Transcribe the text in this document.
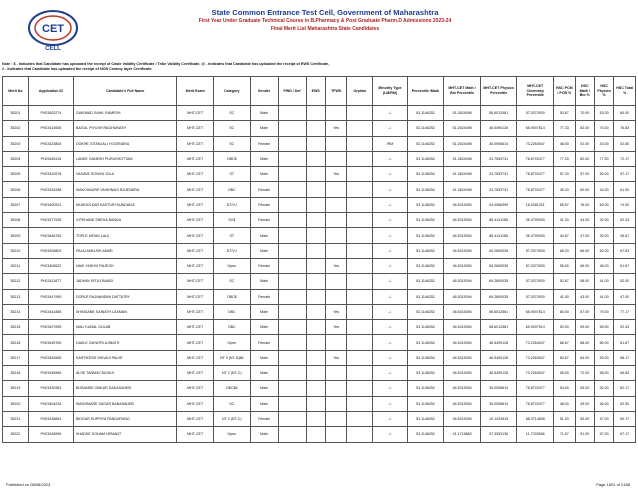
CET
CELL
State Common Entrance Test Cell, Government of Maharashtra
First Year Under Graduate Technical Course in B.Pharmacy & Post Graduate Pharm.D Admissions 2023-24
Final Merit List Maharashtra State Candidates
Note : $ - Indicates that Candidate has uploaded the receipt of Caste Validity Certificate / Tribe Validity Certificate, @ - Indicates that Candidate has uploaded the receipt of EWS Certificate,
# - Indicates that Candidate has uploaded the receipt of NON Creamy layer Certificate.
Merit No	Application ID	Candidate's Full Name	Merit Exam	Category	Gender	PWD / Def	EWS	TFWS	Orphan	Minority Type (LM/RM)	Percentile /Mark	MHT-CET Math / Bio Percentile	MHT-CET Physics Percentile	MHT-CET Chemistry Percentile	HSC PCM / PCB %	HSC Math / Bio %	HSC Physics %	HSC Total %
35201	PH23402274	GAIKWAD SAHIL RAMESH	MHT-CET	SC	Male					-/-	53.1146252	51.2624498	58.6012081	57.0373930	53.67	70.00	53.00	60.00
35202	PH23414655	BAGUL PIYUSH RAGHUNATH	MHT-CET	SC	Male			Yes		-/-	53.1146252	51.2624498	46.5490128	65.9007514	77.33	82.00	74.00	76.83
35203	PH23423804	DOKHE GITANJALI YOGENDRA	MHT-CET	SC	Female					/RM	53.1146252	51.2624498	35.0908614	73.2264547	48.00	51.00	43.00	52.50
35204	PH23445115	LANKE GANESH PURUSHOTTAM	MHT-CET	OBC$	Male					-/-	53.1146252	51.2624498	24.7553731	78.8703477	77.33	82.00	77.00	72.17
35205	PH23420576	VASAVE SONIYA JOLA	MHT-CET	ST	Male			Yes		-/-	53.1146252	51.2624498	24.7553731	78.8703477	57.33	57.00	50.00	57.17
35206	PH23434288	WAKCHAURE VAISHNAVI RAJENDRA	MHT-CET	OBC	Female					-/-	53.1146252	51.2624498	24.7553731	78.8703477	45.33	50.00	44.00	61.00
35207	PH23400921	MUDHOLKAR KASTURI KUNDANJI	MHT-CET	DT/VJ	Female					-/-	53.1146252	46.5315394	94.0066399	18.0281321	65.67	76.00	69.00	74.00
35208	PH23477928	GITKHANE SNEHA BANDU	MHT-CET	SC$	Female					-/-	53.1146252	46.5315394	85.4141185	36.4799930	41.33	44.00	42.00	52.33
35209	PH23446783	TOPLE KIRAN LALII	MHT-CET	ST	Male					-/-	53.1146252	46.5315394	85.4141185	36.4799930	40.67	47.00	39.00	45.67
35210	PH23408803	PAJAI ANKUSH AMAR	MHT-CET	DT/VJ	Male					-/-	53.1146252	46.5315394	69.2600035	57.0373930	66.33	66.00	62.00	67.83
35211	PH23406622	NAIK YASHVI RAJESH	MHT-CET	Open	Female			Yes		-/-	53.1146252	46.5315394	69.2600035	57.0373930	55.00	66.00	46.00	61.67
35212	PH23411877	JADHAV RITUJ BANSI	MHT-CET	SC	Male					-/-	53.1146252	46.5315394	69.2600035	57.0373930	52.67	58.00	41.00	52.00
35213	PH23447990	DORLE RAJNANDINI DATTATRY	MHT-CET	OBC$	Female					-/-	53.1146252	46.5315394	69.2600035	57.0373930	41.00	43.00	41.00	47.00
35214	PH23441885	SHINGANE SAINATH LAXMAN	MHT-CET	OBC	Male			Yes		-/-	53.1146252	46.5315394	58.6012581	65.9007514	80.00	87.00	79.00	77.17
35215	PH23427695	MALI KUNAL GULAB	MHT-CET	OBC	Male			Yes		-/-	53.1146252	46.5315394	58.6012581	65.9007514	53.00	59.00	55.00	52.33
35216	PH23445760	DAKLE GAYATRI AJINATH	MHT-CET	Open	Female					-/-	53.1146252	46.5315394	46.5490128	73.2264547	88.67	88.00	80.00	81.67
35217	PH23440565	KARTIKESH SHIVAJI PALVE	MHT-CET	NT 3 (NT-D)$#	Male			Yes		-/-	53.1146252	46.5315394	46.5490128	73.2264547	60.67	64.00	59.00	58.17
35218	PH23445989	ALSE TANMAY BUVAJI	MHT-CET	NT 2 (NT-C)	Male					-/-	53.1146252	46.5315394	46.5490128	73.2264547	55.00	72.00	58.00	56.83
35219	PH23430381	BURANDE OMKAR DADASAHEB	MHT-CET	OBC$#	Male					-/-	53.1146252	46.5315394	35.0908614	78.8703477	54.00	55.00	52.00	62.17
35220	PH23404234	WAGHMARE SAGAR BABASAHEB	MHT-CET	SC	Male					-/-	53.1146252	46.5315394	35.0908614	78.8703477	48.00	49.00	46.00	52.50
35221	PH23436851	BIDGAR SUPRIYA PANDURANG	MHT-CET	NT 2 (NT-C)	Female					-/-	53.1146252	46.5315394	10.1432815	88.3714835	51.33	53.00	47.00	60.17
35222	PH23428959	KHADKE SOHAM HEMANT	MHT-CET	Open	Male					-/-	53.1146252	41.1715883	97.3353136	11.7333566	71.67	91.00	57.00	67.17
Published on 08/08/2023	Page 1601 of 2188
